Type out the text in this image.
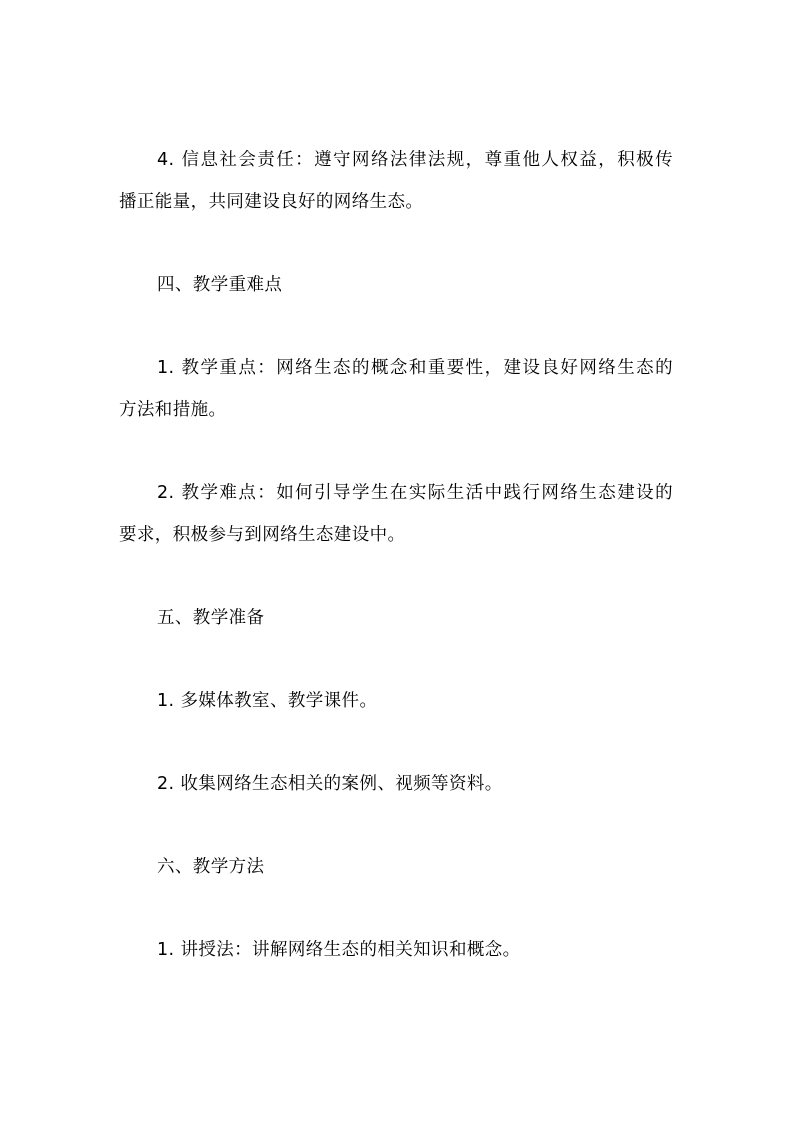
4. 信息社会责任：遵守网络法律法规，尊重他人权益，积极传
播正能量，共同建设良好的网络生态。
四、教学重难点
1. 教学重点：网络生态的概念和重要性，建设良好网络生态的
方法和措施。
2. 教学难点：如何引导学生在实际生活中践行网络生态建设的
要求，积极参与到网络生态建设中。
五、教学准备
1. 多媒体教室、教学课件。
2. 收集网络生态相关的案例、视频等资料。
六、教学方法
1. 讲授法：讲解网络生态的相关知识和概念。
